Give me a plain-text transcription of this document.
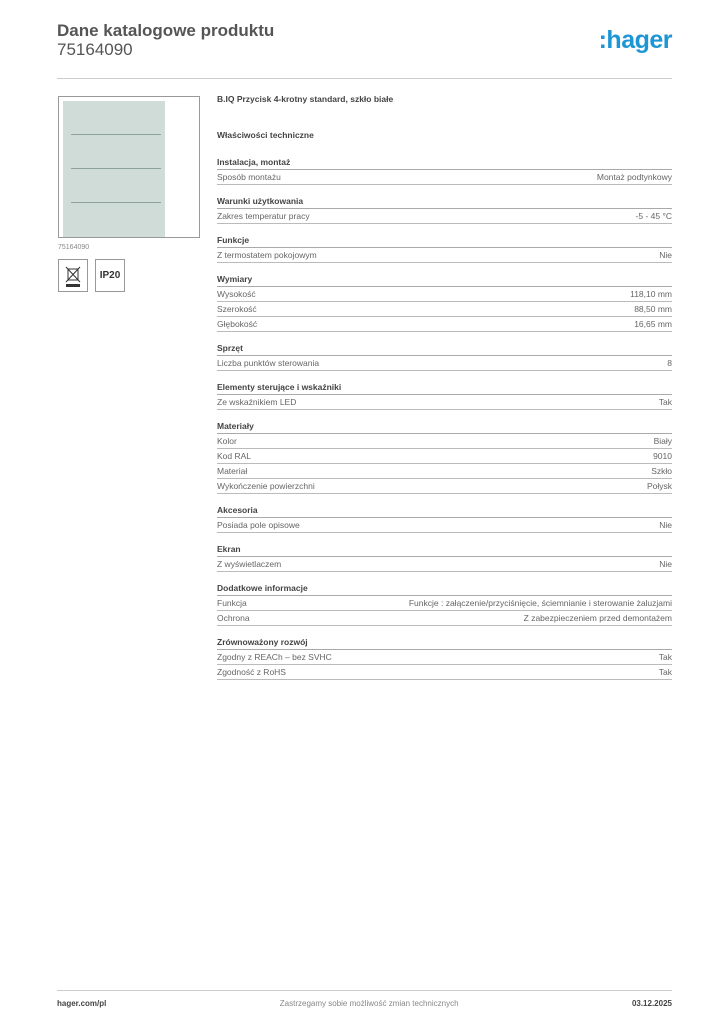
Dane katalogowe produktu
75164090	:hager
75164090
IP20
B.IQ Przycisk 4-krotny standard, szkło białe
Właściwości techniczne
Instalacja, montaż
Sposób montażu	Montaż podtynkowy
Warunki użytkowania
Zakres temperatur pracy	-5 - 45 °C
Funkcje
Z termostatem pokojowym	Nie
Wymiary
Wysokość	118,10 mm
Szerokość	88,50 mm
Głębokość	16,65 mm
Sprzęt
Liczba punktów sterowania	8
Elementy sterujące i wskaźniki
Ze wskaźnikiem LED	Tak
Materiały
Kolor	Biały
Kod RAL	9010
Materiał	Szkło
Wykończenie powierzchni	Połysk
Akcesoria
Posiada pole opisowe	Nie
Ekran
Z wyświetlaczem	Nie
Dodatkowe informacje
Funkcja	Funkcje : załączenie/przyciśnięcie, ściemnianie i sterowanie żaluzjami
Ochrona	Z zabezpieczeniem przed demontażem
Zrównoważony rozwój
Zgodny z REACh – bez SVHC	Tak
Zgodność z RoHS	Tak
hager.com/pl	Zastrzegamy sobie możliwość zmian technicznych	03.12.2025
